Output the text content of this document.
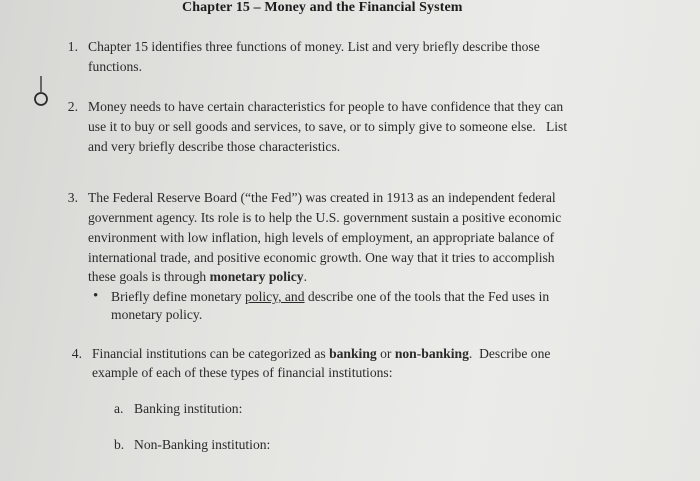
Chapter 15 – Money and the Financial System
1. Chapter 15 identifies three functions of money. List and very briefly describe those
functions.
2. Money needs to have certain characteristics for people to have confidence that they can
use it to buy or sell goods and services, to save, or to simply give to someone else.   List
and very briefly describe those characteristics.
3. The Federal Reserve Board (“the Fed”) was created in 1913 as an independent federal
government agency. Its role is to help the U.S. government sustain a positive economic
environment with low inflation, high levels of employment, an appropriate balance of
international trade, and positive economic growth. One way that it tries to accomplish
these goals is through monetary policy.
• Briefly define monetary policy, and describe one of the tools that the Fed uses in
monetary policy.
4. Financial institutions can be categorized as banking or non-banking.  Describe one
example of each of these types of financial institutions:
a. Banking institution:
b. Non-Banking institution:
